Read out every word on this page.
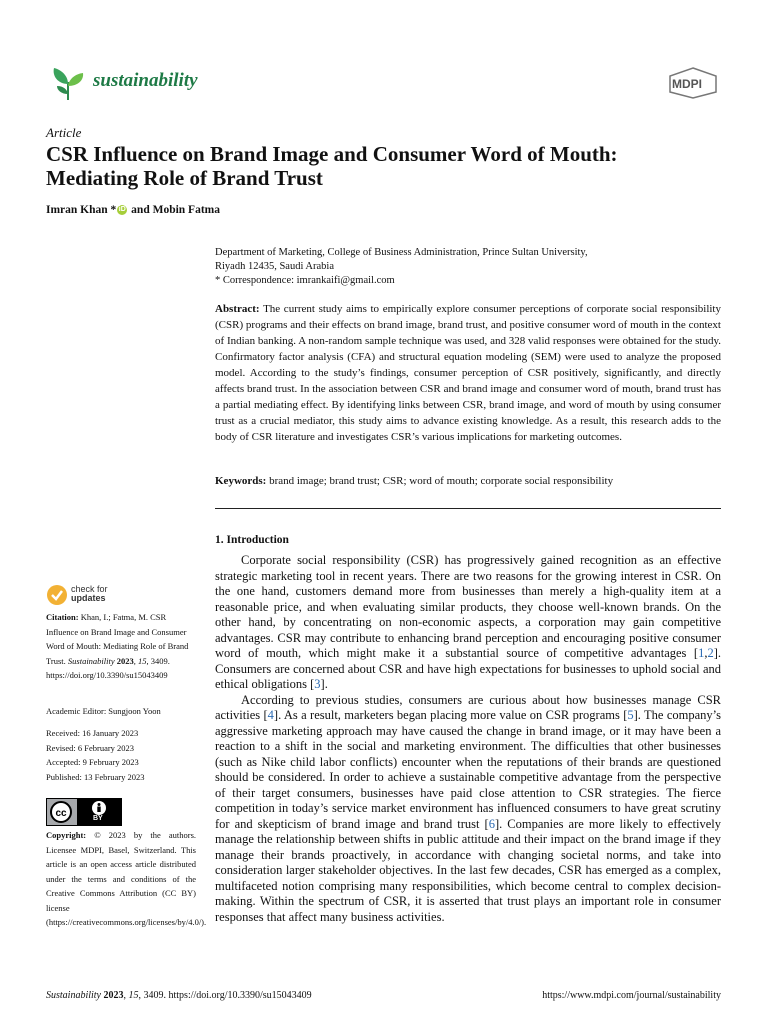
sustainability	MDPI
Article
CSR Influence on Brand Image and Consumer Word of Mouth: Mediating Role of Brand Trust
Imran Khan * iD and Mobin Fatma
Department of Marketing, College of Business Administration, Prince Sultan University,
Riyadh 12435, Saudi Arabia
* Correspondence: imrankaifi@gmail.com
Abstract: The current study aims to empirically explore consumer perceptions of corporate social responsibility (CSR) programs and their effects on brand image, brand trust, and positive consumer word of mouth in the context of Indian banking. A non-random sample technique was used, and 328 valid responses were obtained for the study. Confirmatory factor analysis (CFA) and structural equation modeling (SEM) were used to analyze the proposed model. According to the study’s findings, consumer perception of CSR positively, significantly, and directly affects brand trust. In the association between CSR and brand image and consumer word of mouth, brand trust has a partial mediating effect. By identifying links between CSR, brand image, and word of mouth by using consumer trust as a crucial mediator, this study aims to advance existing knowledge. As a result, this research adds to the body of CSR literature and investigates CSR’s various implications for marketing outcomes.
Keywords: brand image; brand trust; CSR; word of mouth; corporate social responsibility
1. Introduction

Corporate social responsibility (CSR) has progressively gained recognition as an effective strategic marketing tool in recent years. There are two reasons for the growing interest in CSR. On the one hand, customers demand more from businesses than merely a high-quality item at a reasonable price, and when evaluating similar products, they choose well-known brands. On the other hand, by concentrating on non-economic aspects, a corporation may gain competitive advantages. CSR may contribute to enhancing brand perception and encouraging positive consumer word of mouth, which might make it a substantial source of competitive advantages [1,2]. Consumers are concerned about CSR and have high expectations for businesses to uphold social and ethical obligations [3].

According to previous studies, consumers are curious about how businesses manage CSR activities [4]. As a result, marketers began placing more value on CSR programs [5]. The company’s aggressive marketing approach may have caused the change in brand image, or it may have been a reaction to a shift in the social and marketing environment. The difficulties that other businesses (such as Nike child labor conflicts) encounter when the reputations of their brands are questioned should be considered. In order to achieve a sustainable competitive advantage from the perspective of their target consumers, businesses have paid close attention to CSR strategies. The fierce competition in today’s service market environment has influenced consumers to have great scrutiny for and skepticism of brand image and brand trust [6]. Companies are more likely to effectively manage the relationship between shifts in public attitude and their impact on the brand image if they manage their brands proactively, in accordance with changing societal norms, and take into consideration larger stakeholder objectives. In the last few decades, CSR has emerged as a complex, multifaceted notion comprising many responsibilities, which become central to complex decision-making. Within the spectrum of CSR, it is asserted that trust plays an important role in consumer responses that affect many business activities.

check for
updates

Citation: Khan, I.; Fatma, M. CSR Influence on Brand Image and Consumer Word of Mouth: Mediating Role of Brand Trust. Sustainability 2023, 15, 3409. https://doi.org/10.3390/su15043409

Academic Editor: Sungjoon Yoon

Received: 16 January 2023

Revised: 6 February 2023

Accepted: 9 February 2023

Published: 13 February 2023

cc	BY

Copyright: © 2023 by the authors. Licensee MDPI, Basel, Switzerland. This article is an open access article distributed under the terms and conditions of the Creative Commons Attribution (CC BY) license (https://creativecommons.org/licenses/by/4.0/).

Sustainability 2023, 15, 3409. https://doi.org/10.3390/su15043409	https://www.mdpi.com/journal/sustainability
